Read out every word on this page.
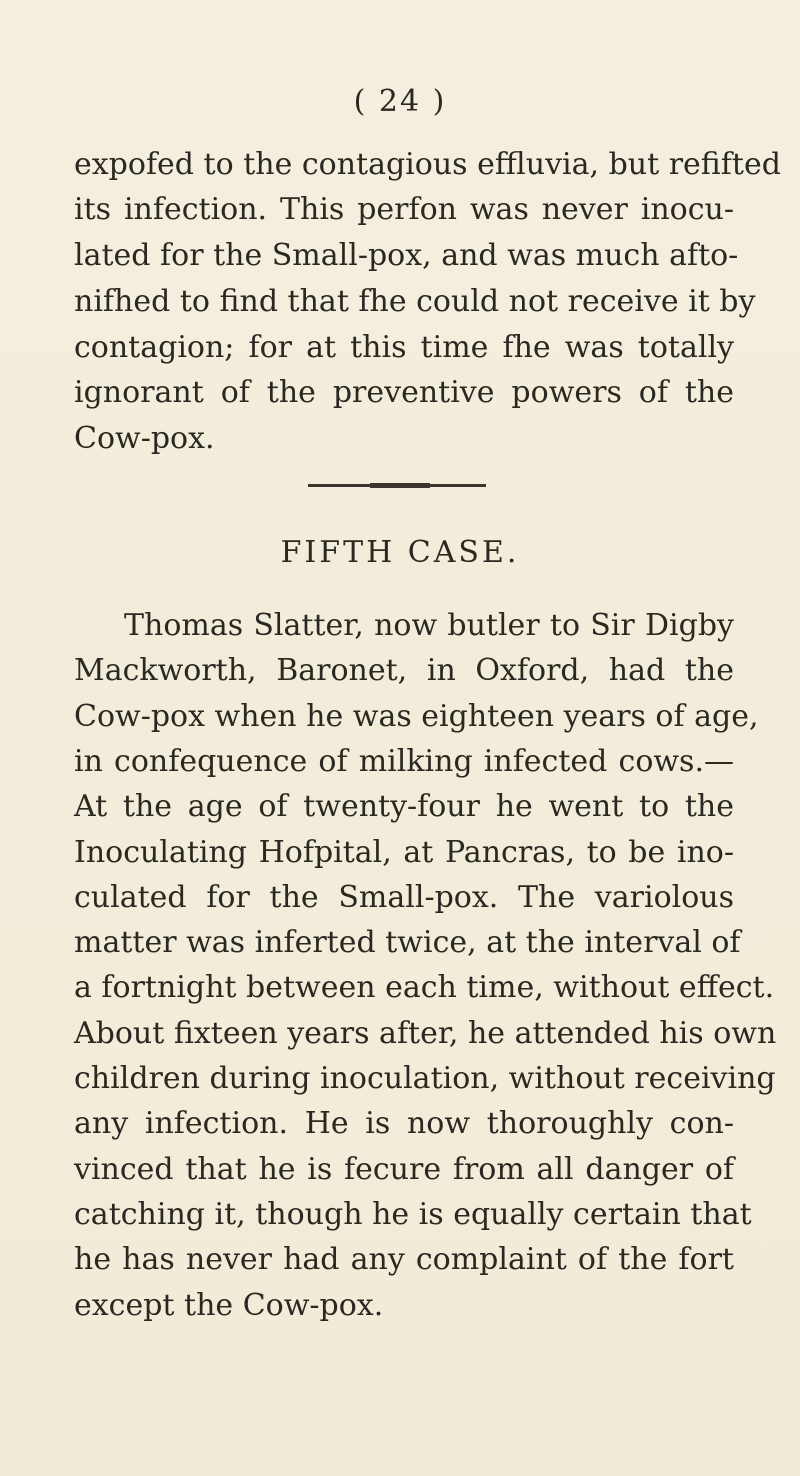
( 24 )
expofed to the contagious effluvia, but refifted
its infection. This perfon was never inocu-
lated for the Small-pox, and was much afto-
nifhed to find that fhe could not receive it by
contagion; for at this time fhe was totally
ignorant of the preventive powers of the
Cow-pox.
FIFTH CASE.
Thomas Slatter, now butler to Sir Digby
Mackworth, Baronet, in Oxford, had the
Cow-pox when he was eighteen years of age,
in confequence of milking infected cows.—
At the age of twenty-four he went to the
Inoculating Hofpital, at Pancras, to be ino-
culated for the Small-pox. The variolous
matter was inferted twice, at the interval of
a fortnight between each time, without effect.
About fixteen years after, he attended his own
children during inoculation, without receiving
any infection. He is now thoroughly con-
vinced that he is fecure from all danger of
catching it, though he is equally certain that
he has never had any complaint of the fort
except the Cow-pox.
